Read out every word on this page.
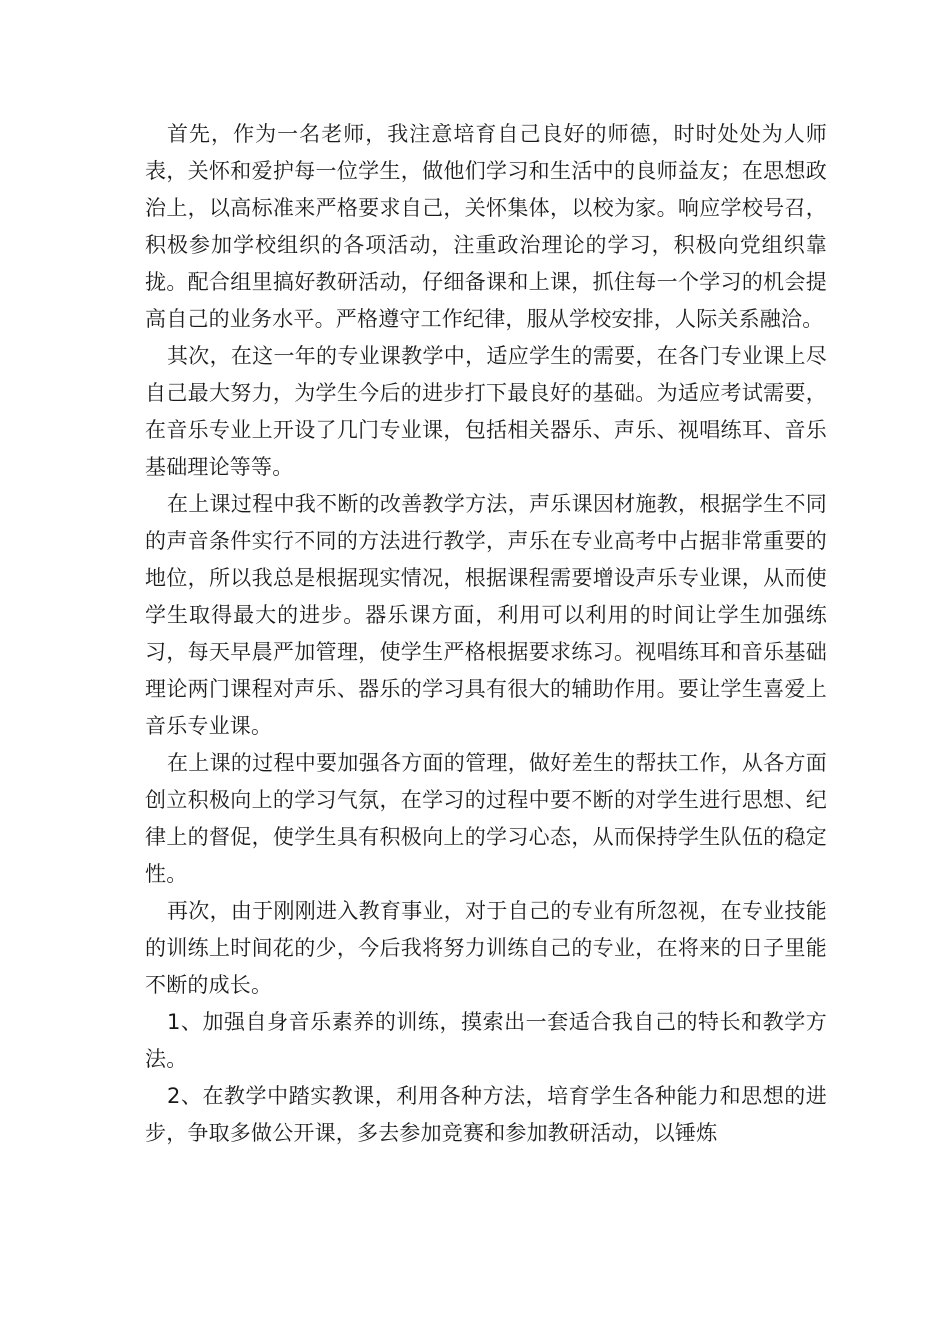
首先，作为一名老师，我注意培育自己良好的师德，时时处处为人师表，关怀和爱护每一位学生，做他们学习和生活中的良师益友；在思想政治上，以高标准来严格要求自己，关怀集体，以校为家。响应学校号召，积极参加学校组织的各项活动，注重政治理论的学习，积极向党组织靠拢。配合组里搞好教研活动，仔细备课和上课，抓住每一个学习的机会提高自己的业务水平。严格遵守工作纪律，服从学校安排，人际关系融洽。

其次，在这一年的专业课教学中，适应学生的需要，在各门专业课上尽自己最大努力，为学生今后的进步打下最良好的基础。为适应考试需要，在音乐专业上开设了几门专业课，包括相关器乐、声乐、视唱练耳、音乐基础理论等等。

在上课过程中我不断的改善教学方法，声乐课因材施教，根据学生不同的声音条件实行不同的方法进行教学，声乐在专业高考中占据非常重要的地位，所以我总是根据现实情况，根据课程需要增设声乐专业课，从而使学生取得最大的进步。器乐课方面，利用可以利用的时间让学生加强练习，每天早晨严加管理，使学生严格根据要求练习。视唱练耳和音乐基础理论两门课程对声乐、器乐的学习具有很大的辅助作用。要让学生喜爱上音乐专业课。

在上课的过程中要加强各方面的管理，做好差生的帮扶工作，从各方面创立积极向上的学习气氛，在学习的过程中要不断的对学生进行思想、纪律上的督促，使学生具有积极向上的学习心态，从而保持学生队伍的稳定性。

再次，由于刚刚进入教育事业，对于自己的专业有所忽视，在专业技能的训练上时间花的少，今后我将努力训练自己的专业，在将来的日子里能不断的成长。

1、加强自身音乐素养的训练，摸索出一套适合我自己的特长和教学方法。

2、在教学中踏实教课，利用各种方法，培育学生各种能力和思想的进步，争取多做公开课，多去参加竞赛和参加教研活动，以锤炼
